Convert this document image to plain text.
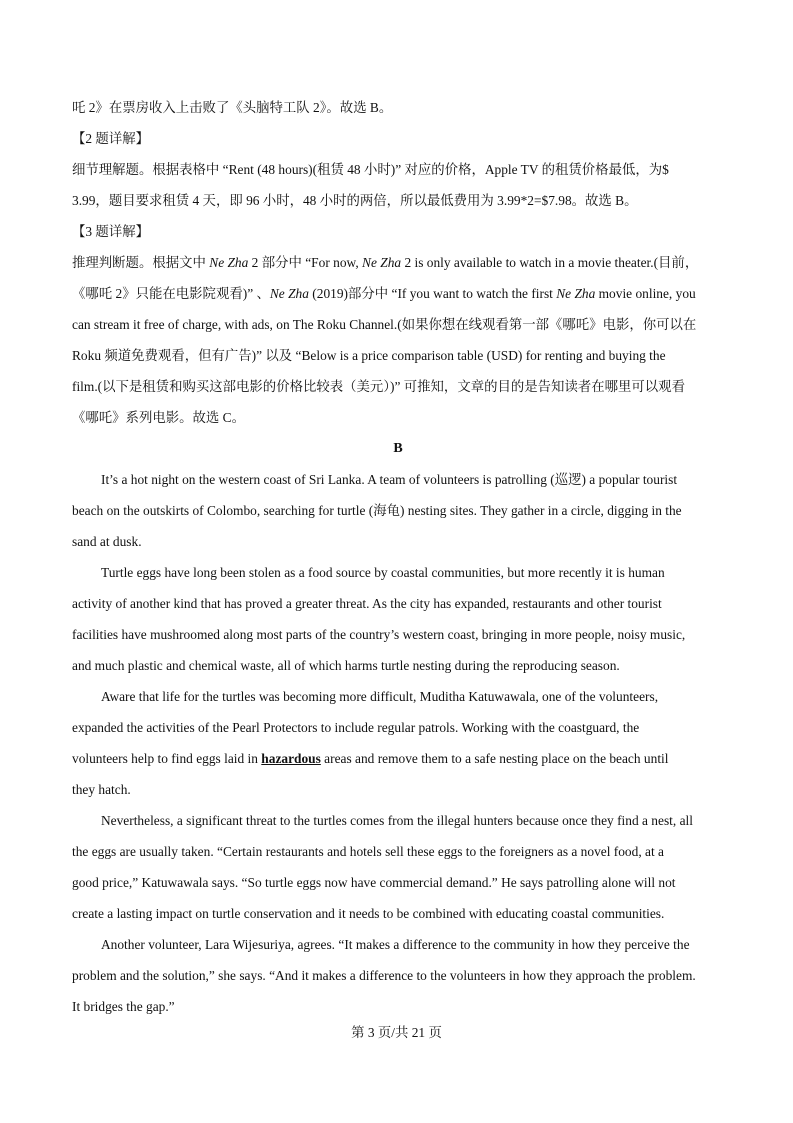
吒 2》在票房收入上击败了《头脑特工队 2》。故选 B。
【2 题详解】
细节理解题。根据表格中 “Rent (48 hours)(租赁 48 小时)” 对应的价格，Apple TV 的租赁价格最低，为$
3.99，题目要求租赁 4 天，即 96 小时，48 小时的两倍，所以最低费用为 3.99*2=$7.98。故选 B。
【3 题详解】
推理判断题。根据文中 Ne Zha 2 部分中 “For now, Ne Zha 2 is only available to watch in a movie theater.(目前，
《哪吒 2》只能在电影院观看)” 、Ne Zha (2019)部分中 “If you want to watch the first Ne Zha movie online, you
can stream it free of charge, with ads, on The Roku Channel.(如果你想在线观看第一部《哪吒》电影，你可以在
Roku 频道免费观看，但有广告)” 以及 “Below is a price comparison table (USD) for renting and buying the
film.(以下是租赁和购买这部电影的价格比较表（美元）)” 可推知，文章的目的是告知读者在哪里可以观看
《哪吒》系列电影。故选 C。
B
It’s a hot night on the western coast of Sri Lanka. A team of volunteers is patrolling (巡逻) a popular tourist
beach on the outskirts of Colombo, searching for turtle (海龟) nesting sites. They gather in a circle, digging in the
sand at dusk.
Turtle eggs have long been stolen as a food source by coastal communities, but more recently it is human
activity of another kind that has proved a greater threat. As the city has expanded, restaurants and other tourist
facilities have mushroomed along most parts of the country’s western coast, bringing in more people, noisy music,
and much plastic and chemical waste, all of which harms turtle nesting during the reproducing season.
Aware that life for the turtles was becoming more difficult, Muditha Katuwawala, one of the volunteers,
expanded the activities of the Pearl Protectors to include regular patrols. Working with the coastguard, the
volunteers help to find eggs laid in hazardous areas and remove them to a safe nesting place on the beach until
they hatch.
Nevertheless, a significant threat to the turtles comes from the illegal hunters because once they find a nest, all
the eggs are usually taken. “Certain restaurants and hotels sell these eggs to the foreigners as a novel food, at a
good price,” Katuwawala says. “So turtle eggs now have commercial demand.” He says patrolling alone will not
create a lasting impact on turtle conservation and it needs to be combined with educating coastal communities.
Another volunteer, Lara Wijesuriya, agrees. “It makes a difference to the community in how they perceive the
problem and the solution,” she says. “And it makes a difference to the volunteers in how they approach the problem.
It bridges the gap.”
第 3 页/共 21 页
